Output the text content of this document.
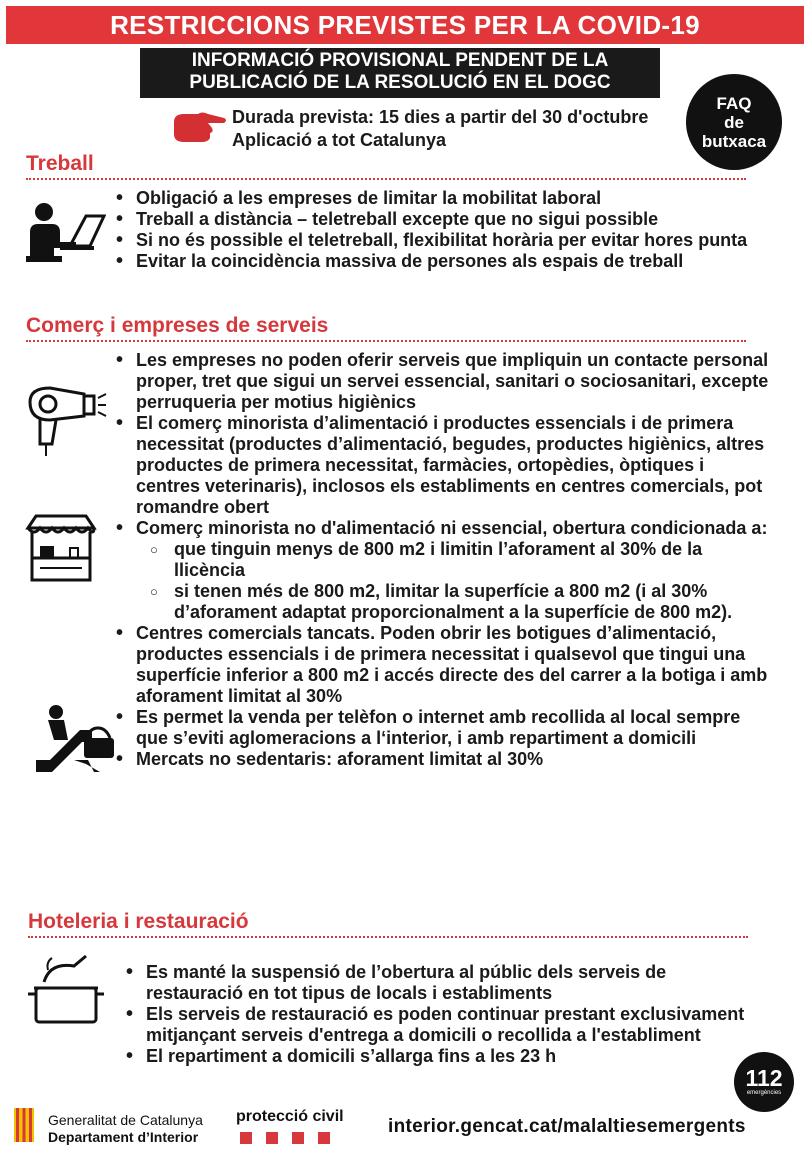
RESTRICCIONS PREVISTES PER LA COVID-19
INFORMACIÓ PROVISIONAL PENDENT DE LA
PUBLICACIÓ DE LA RESOLUCIÓ EN EL DOGC
FAQ
de
butxaca
Durada prevista: 15 dies a partir del 30 d'octubre
Aplicació a tot Catalunya
Treball
• Obligació a les empreses de limitar la mobilitat laboral
• Treball a distància – teletreball excepte que no sigui possible
• Si no és possible el teletreball, flexibilitat horària per evitar hores punta
• Evitar la coincidència massiva de persones als espais de treball
Comerç i empreses de serveis
• Les empreses no poden oferir serveis que impliquin un contacte personal proper, tret que sigui un servei essencial, sanitari o sociosanitari, excepte perruqueria per motius higiènics
• El comerç minorista d’alimentació i productes essencials i de primera necessitat (productes d’alimentació, begudes, productes higiènics, altres productes de primera necessitat, farmàcies, ortopèdies, òptiques i centres veterinaris), inclosos els establiments en centres comercials, pot romandre obert
• Comerç minorista no d'alimentació ni essencial, obertura condicionada a:
○ que tinguin menys de 800 m2 i limitin l’aforament al 30% de la llicència
○ si tenen més de 800 m2, limitar la superfície a 800 m2 (i al 30% d’aforament adaptat proporcionalment a la superfície de 800 m2).
• Centres comercials tancats. Poden obrir les botigues d’alimentació, productes essencials i de primera necessitat i qualsevol que tingui una superfície inferior a 800 m2 i accés directe des del carrer a la botiga i amb aforament limitat al 30%
• Es permet la venda per telèfon o internet amb recollida al local sempre que s’eviti aglomeracions a l‘interior, i amb repartiment a domicili
• Mercats no sedentaris: aforament limitat al 30%
Hoteleria i restauració
• Es manté la suspensió de l’obertura al públic dels serveis de restauració en tot tipus de locals i establiments
• Els serveis de restauració es poden continuar prestant exclusivament mitjançant serveis d'entrega a domicili o recollida a l'establiment
• El repartiment a domicili s’allarga fins a les 23 h
112
emergències
Generalitat de Catalunya
Departament d’Interior
protecció civil interior.gencat.cat/malaltiesemergents
